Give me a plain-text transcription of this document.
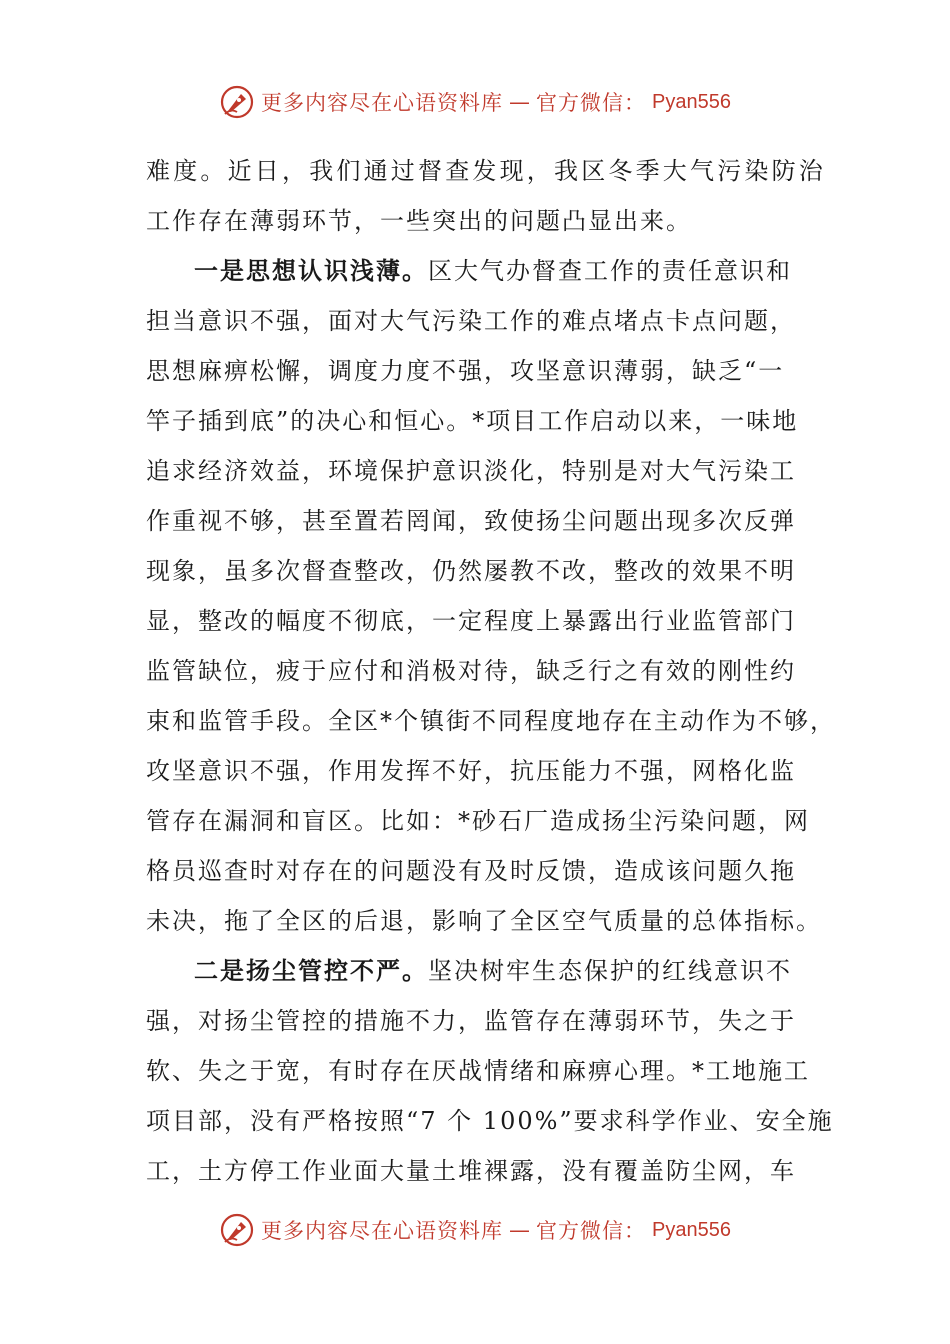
更多内容尽在心语资料库 — 官方微信： Pyan556
难度。近日，我们通过督查发现，我区冬季大气污染防治
工作存在薄弱环节，一些突出的问题凸显出来。
一是思想认识浅薄。区大气办督查工作的责任意识和
担当意识不强，面对大气污染工作的难点堵点卡点问题，
思想麻痹松懈，调度力度不强，攻坚意识薄弱，缺乏“一
竿子插到底”的决心和恒心。*项目工作启动以来，一味地
追求经济效益，环境保护意识淡化，特别是对大气污染工
作重视不够，甚至置若罔闻，致使扬尘问题出现多次反弹
现象，虽多次督查整改，仍然屡教不改，整改的效果不明
显，整改的幅度不彻底，一定程度上暴露出行业监管部门
监管缺位，疲于应付和消极对待，缺乏行之有效的刚性约
束和监管手段。全区*个镇街不同程度地存在主动作为不够，
攻坚意识不强，作用发挥不好，抗压能力不强，网格化监
管存在漏洞和盲区。比如：*砂石厂造成扬尘污染问题，网
格员巡查时对存在的问题没有及时反馈，造成该问题久拖
未决，拖了全区的后退，影响了全区空气质量的总体指标。
二是扬尘管控不严。坚决树牢生态保护的红线意识不
强，对扬尘管控的措施不力，监管存在薄弱环节，失之于
软、失之于宽，有时存在厌战情绪和麻痹心理。*工地施工
项目部，没有严格按照“7 个 100%”要求科学作业、安全施
工，土方停工作业面大量土堆裸露，没有覆盖防尘网，车
更多内容尽在心语资料库 — 官方微信： Pyan556
